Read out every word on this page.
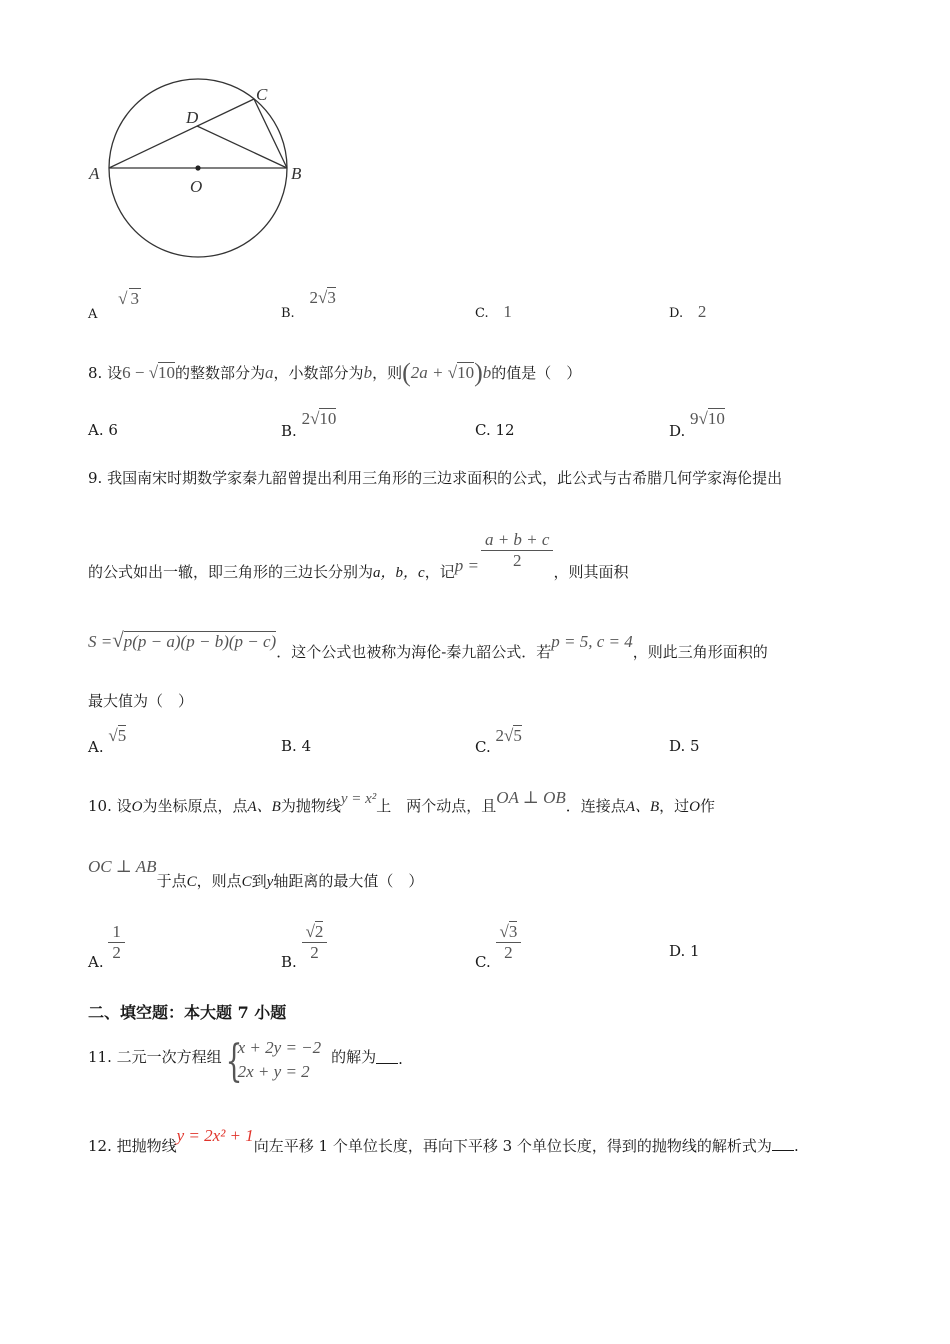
A	B
C
D
O
A √ 3
B. 2√3
C. 1	D. 2
8. 设6 − √10的整数部分为a，小数部分为b，则(2a + √10)b的值是（　）
A. 6	B. 2√10
C. 12	D. 9√10
9. 我国南宋时期数学家秦九韶曾提出利用三角形的三边求面积的公式，此公式与古希腊几何学家海伦提出
的公式如出一辙，即三角形的三边长分别为a，b，c，记$p = \frac{a + b + c}{2}$
，则其面积
S =√p(p − a)(p − b)(p − c)．这个公式也被称为海伦-秦九韶公式．若p = 5, c = 4，则此三角形面积的
最大值为（　）
A. √5
B. 4	C. 2√5
D. 5
10. 设O为坐标原点，点A、B为抛物线y = x²上　两个动点，且OA ⊥ OB．连接点A、B，过O作
OC ⊥ AB于点C，则点C到y轴距离的最大值（　）
A. $\frac{1}{2}$	B. $\frac{√2}{2}$	C. $\frac{√3}{2}$	D. 1
二、填空题：本大题 7 小题
11. 二元一次方程组 {
x + 2y = −2
2x + y = 2
的解为 .
12. 把抛物线y = 2x² + 1向左平移 1 个单位长度，再向下平移 3 个单位长度，得到的抛物线的解析式为 .
